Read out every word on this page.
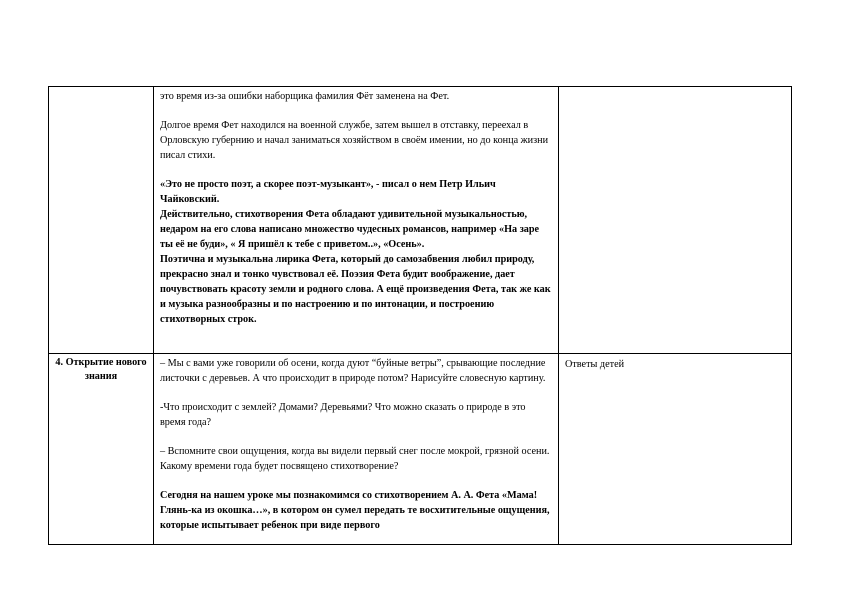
	это время из-за ошибки наборщика фамилия Фёт заменена на Фет.

Долгое время Фет находился на военной службе, затем вышел в отставку, переехал в Орловскую губернию и начал заниматься хозяйством в своём имении, но до конца жизни писал стихи.

«Это не просто поэт, а скорее поэт-музыкант», - писал о нем Петр Ильич Чайковский.

Действительно, стихотворения Фета обладают удивительной музыкальностью, недаром на его слова написано множество чудесных романсов, например «На заре ты её не буди», « Я пришёл к тебе с приветом..», «Осень».

Поэтична и музыкальна лирика Фета, который до самозабвения любил природу, прекрасно знал и тонко чувствовал её. Поэзия Фета будит воображение, дает почувствовать красоту земли и родного слова. А ещё произведения Фета, так же как и музыка разнообразны и по настроению и по интонации, и построению стихотворных строк.	

4. Открытие нового знания	– Мы с вами уже говорили об осени, когда дуют “буйные ветры”, срывающие последние листочки с деревьев. А что происходит в природе потом? Нарисуйте словесную картину.

-Что происходит с землей? Домами? Деревьями? Что можно сказать о природе в это время года?

– Вспомните свои ощущения, когда вы видели первый снег после мокрой, грязной осени. Какому времени года будет посвящено стихотворение?

Сегодня на нашем уроке мы познакомимся со стихотворением А. А. Фета «Мама! Глянь-ка из окошка…», в котором он сумел передать те восхитительные ощущения, которые испытывает ребенок при виде первого	Ответы детей
